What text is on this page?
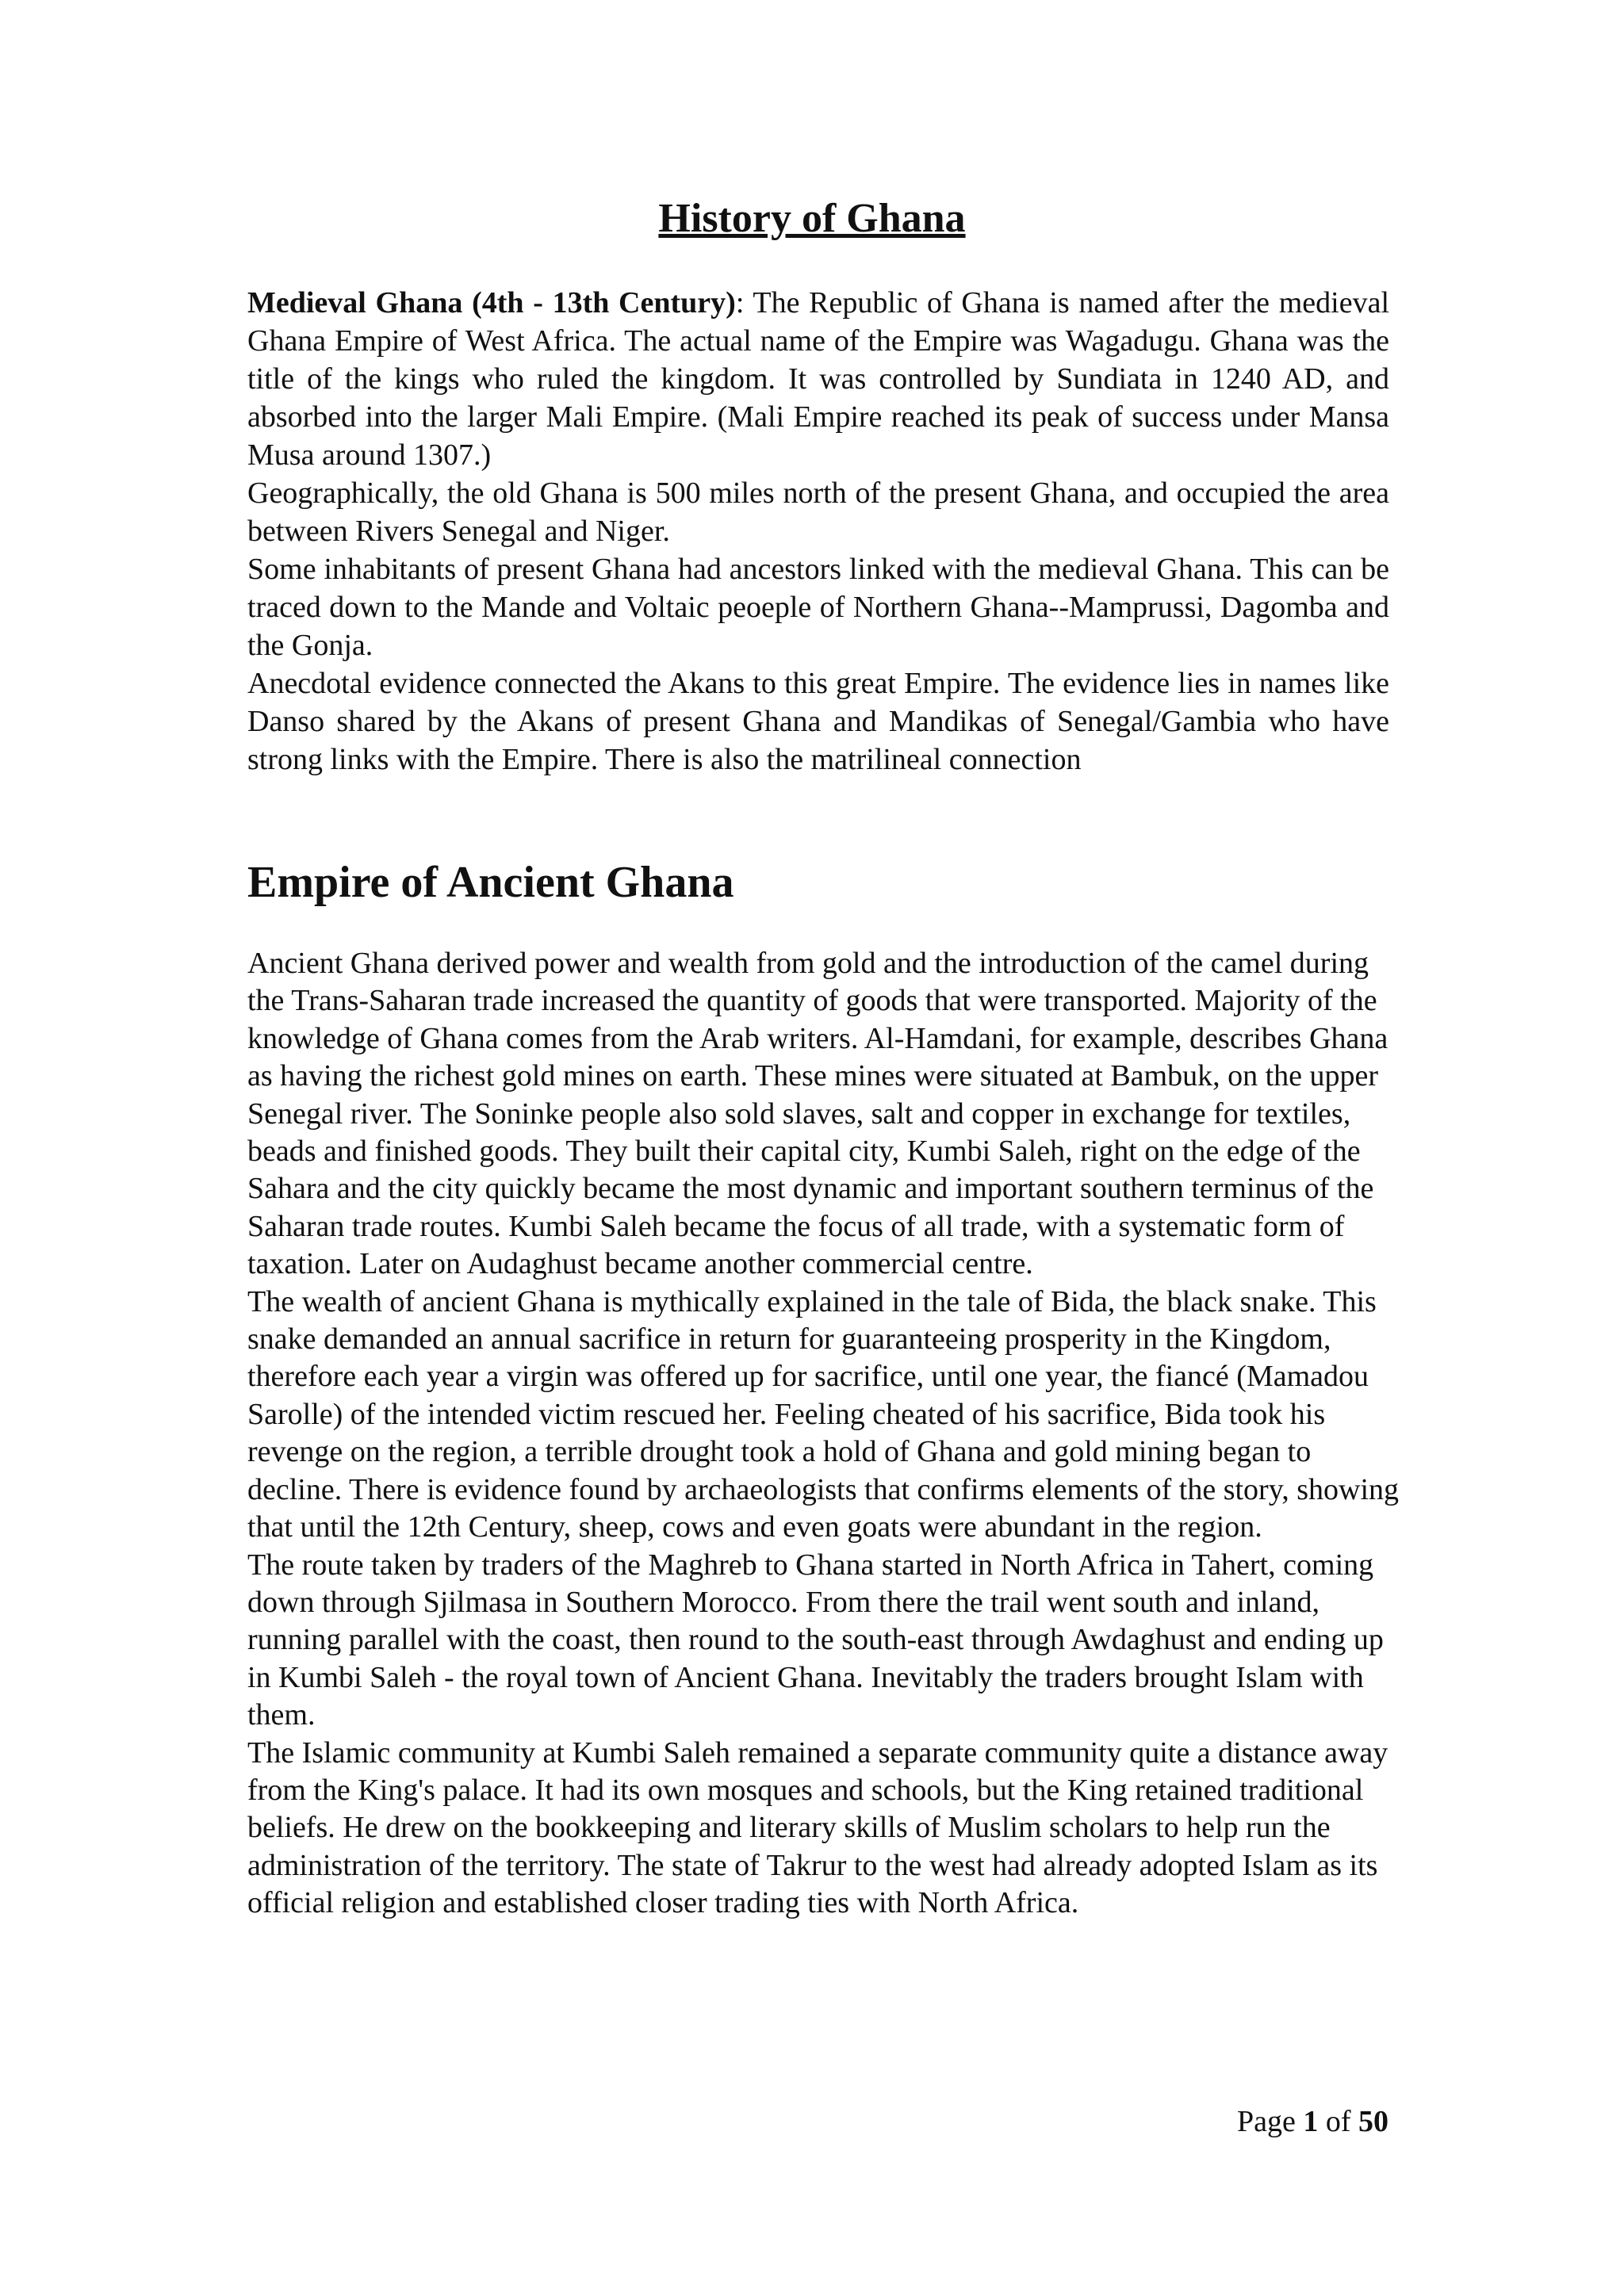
History of Ghana

Medieval Ghana (4th - 13th Century): The Republic of Ghana is named after the medieval Ghana Empire of West Africa. The actual name of the Empire was Wagadugu. Ghana was the title of the kings who ruled the kingdom. It was controlled by Sundiata in 1240 AD, and absorbed into the larger Mali Empire. (Mali Empire reached its peak of success under Mansa Musa around 1307.)

Geographically, the old Ghana is 500 miles north of the present Ghana, and occupied the area between Rivers Senegal and Niger.

Some inhabitants of present Ghana had ancestors linked with the medieval Ghana. This can be traced down to the Mande and Voltaic peoeple of Northern Ghana--Mamprussi, Dagomba and the Gonja.

Anecdotal evidence connected the Akans to this great Empire. The evidence lies in names like Danso shared by the Akans of present Ghana and Mandikas of Senegal/Gambia who have strong links with the Empire. There is also the matrilineal connection

Empire of Ancient Ghana

Ancient Ghana derived power and wealth from gold and the introduction of the camel during the Trans-Saharan trade increased the quantity of goods that were transported. Majority of the knowledge of Ghana comes from the Arab writers. Al-Hamdani, for example, describes Ghana as having the richest gold mines on earth. These mines were situated at Bambuk, on the upper Senegal river. The Soninke people also sold slaves, salt and copper in exchange for textiles, beads and finished goods. They built their capital city, Kumbi Saleh, right on the edge of the Sahara and the city quickly became the most dynamic and important southern terminus of the Saharan trade routes. Kumbi Saleh became the focus of all trade, with a systematic form of taxation. Later on Audaghust became another commercial centre.

The wealth of ancient Ghana is mythically explained in the tale of Bida, the black snake. This snake demanded an annual sacrifice in return for guaranteeing prosperity in the Kingdom, therefore each year a virgin was offered up for sacrifice, until one year, the fiancé (Mamadou Sarolle) of the intended victim rescued her. Feeling cheated of his sacrifice, Bida took his revenge on the region, a terrible drought took a hold of Ghana and gold mining began to decline. There is evidence found by archaeologists that confirms elements of the story, showing that until the 12th Century, sheep, cows and even goats were abundant in the region.

The route taken by traders of the Maghreb to Ghana started in North Africa in Tahert, coming down through Sjilmasa in Southern Morocco. From there the trail went south and inland, running parallel with the coast, then round to the south-east through Awdaghust and ending up in Kumbi Saleh - the royal town of Ancient Ghana. Inevitably the traders brought Islam with them.

The Islamic community at Kumbi Saleh remained a separate community quite a distance away from the King's palace. It had its own mosques and schools, but the King retained traditional beliefs. He drew on the bookkeeping and literary skills of Muslim scholars to help run the administration of the territory. The state of Takrur to the west had already adopted Islam as its official religion and established closer trading ties with North Africa.

Page 1 of 50
